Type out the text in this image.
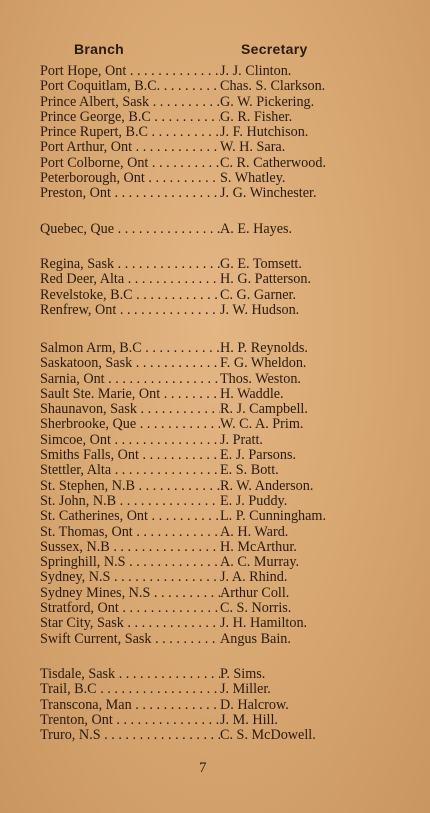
Branch	Secretary
Port Hope, Ont . . .	J. J. Clinton.
Port Coquitlam, B.C. . . .	Chas. S. Clarkson.
Prince Albert, Sask . . .	G. W. Pickering.
Prince George, B.C . . .	G. R. Fisher.
Prince Rupert, B.C . . .	J. F. Hutchison.
Port Arthur, Ont . . .	W. H. Sara.
Port Colborne, Ont . . .	C. R. Catherwood.
Peterborough, Ont . . .	S. Whatley.
Preston, Ont . . .	J. G. Winchester.
Quebec, Que . . .	A. E. Hayes.
Regina, Sask . . .	G. E. Tomsett.
Red Deer, Alta . . .	H. G. Patterson.
Revelstoke, B.C . . .	C. G. Garner.
Renfrew, Ont . . .	J. W. Hudson.
Salmon Arm, B.C . . .	H. P. Reynolds.
Saskatoon, Sask . . .	F. G. Wheldon.
Sarnia, Ont . . .	Thos. Weston.
Sault Ste. Marie, Ont . . .	H. Waddle.
Shaunavon, Sask . . .	R. J. Campbell.
Sherbrooke, Que . . .	W. C. A. Prim.
Simcoe, Ont . . .	J. Pratt.
Smiths Falls, Ont . . .	E. J. Parsons.
Stettler, Alta . . .	E. S. Bott.
St. Stephen, N.B . . .	R. W. Anderson.
St. John, N.B . . .	E. J. Puddy.
St. Catherines, Ont . . .	L. P. Cunningham.
St. Thomas, Ont . . .	A. H. Ward.
Sussex, N.B . . .	H. McArthur.
Springhill, N.S . . .	A. C. Murray.
Sydney, N.S . . .	J. A. Rhind.
Sydney Mines, N.S . . .	Arthur Coll.
Stratford, Ont . . .	C. S. Norris.
Star City, Sask . . .	J. H. Hamilton.
Swift Current, Sask . . .	Angus Bain.
Tisdale, Sask . . .	P. Sims.
Trail, B.C . . .	J. Miller.
Transcona, Man . . .	D. Halcrow.
Trenton, Ont . . .	J. M. Hill.
Truro, N.S . . .	C. S. McDowell.
7
